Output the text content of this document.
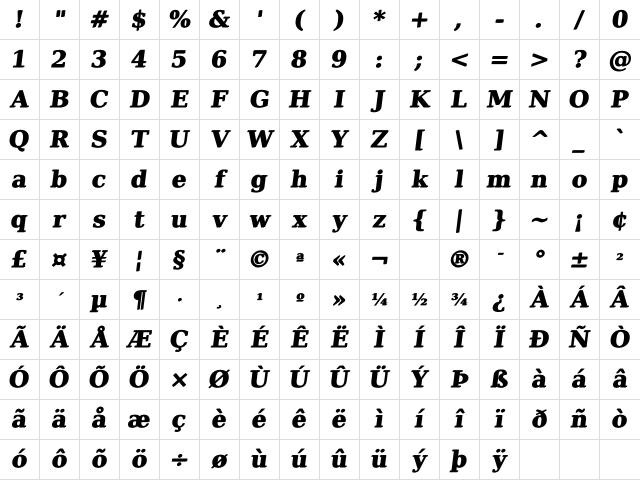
! " # $ % & ' ( ) * + , - . / 0
1 2 3 4 5 6 7 8 9 : ; < = > ? @
A B C D E F G H I J K L M N O P
Q R S T U V W X Y Z [ \ ] ^ _ `
a b c d e f g h i j k l m n o p
q r s t u v w x y z { | } ~ ¡ ¢
£ ¤ ¥ ¦ § ¨ © ª « ¬	® ¯ ° ± ²
³ ´ µ ¶ · ¸ ¹ º » ¼ ½ ¾ ¿ À Á Â
Ã Ä Å Æ Ç È É Ê Ë Ì Í Î Ï Ð Ñ Ò
Ó Ô Õ Ö × Ø Ù Ú Û Ü Ý Þ ß à á â
ã ä å æ ç è é ê ë ì í î ï ð ñ ò
ó ô õ ö ÷ ø ù ú û ü ý þ ÿ
